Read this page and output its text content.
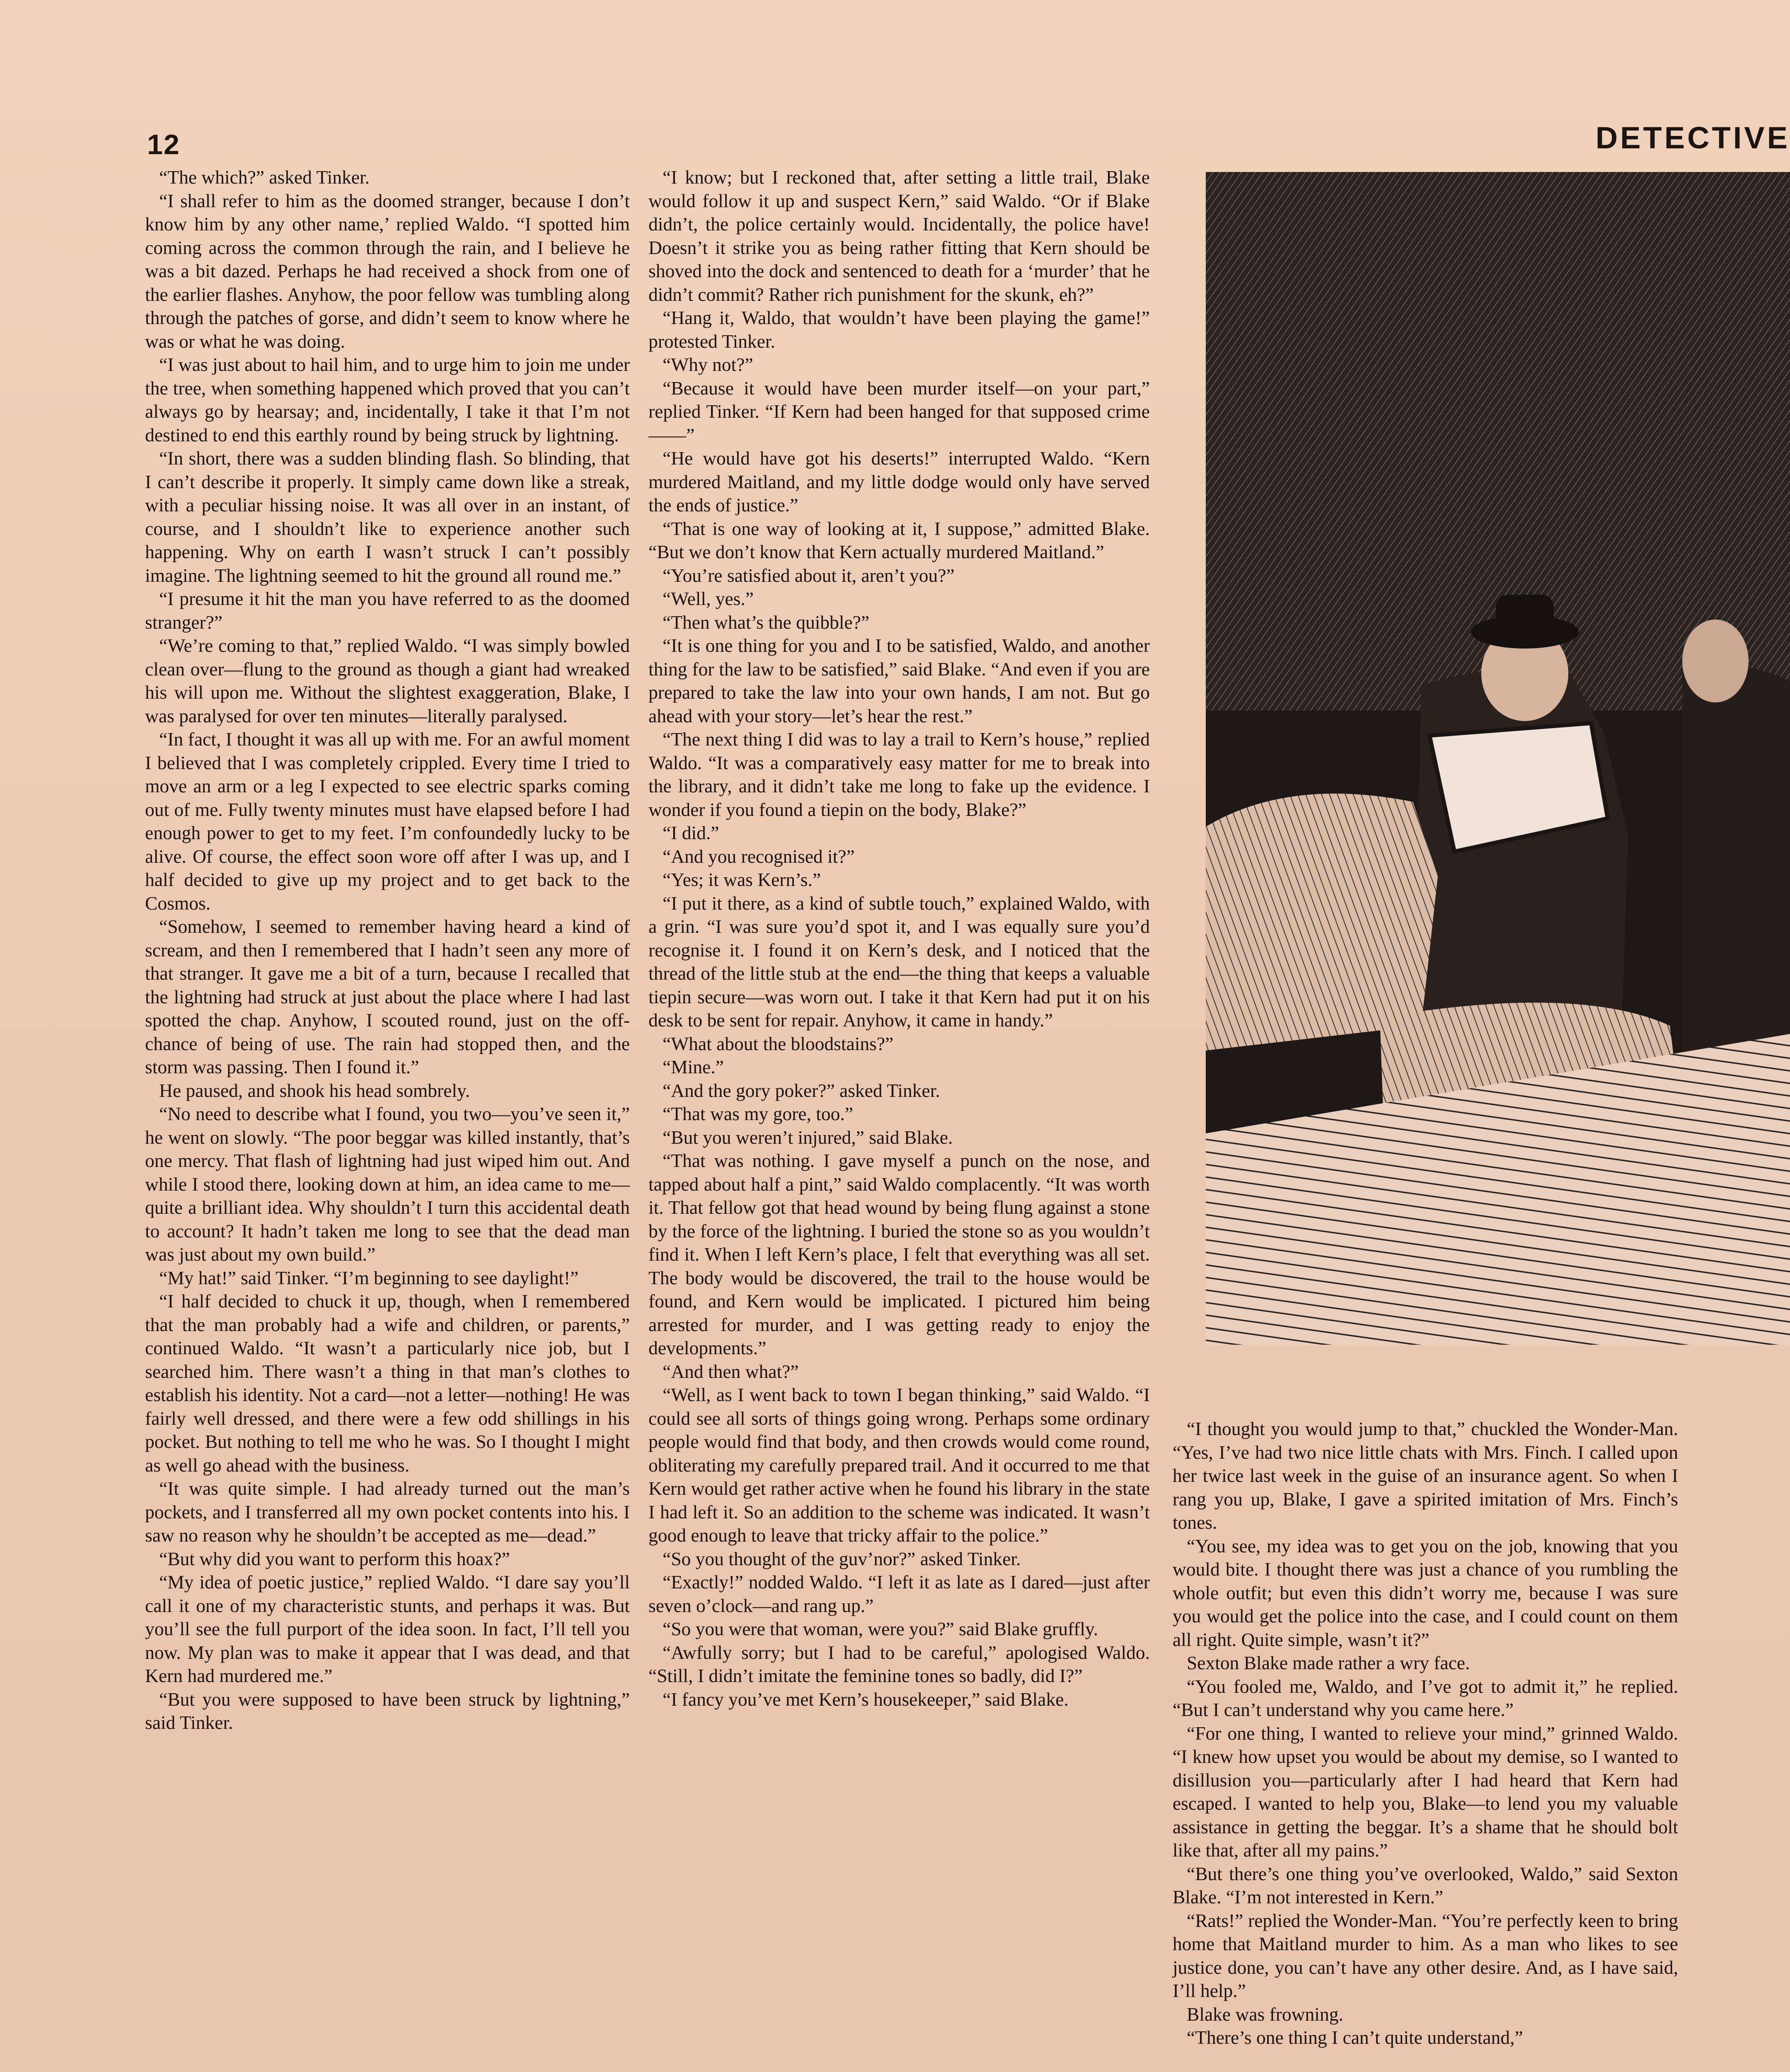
12	DETECTIVE

“The which?” asked Tinker.

“I shall refer to him as the doomed stranger, because I don’t know him by any other name,’ replied Waldo. “I spotted him coming across the common through the rain, and I believe he was a bit dazed. Perhaps he had received a shock from one of the earlier flashes. Anyhow, the poor fellow was tumbling along through the patches of gorse, and didn’t seem to know where he was or what he was doing.

“I was just about to hail him, and to urge him to join me under the tree, when something happened which proved that you can’t always go by hearsay; and, incidentally, I take it that I’m not destined to end this earthly round by being struck by lightning.

“In short, there was a sudden blinding flash. So blinding, that I can’t describe it properly. It simply came down like a streak, with a peculiar hissing noise. It was all over in an instant, of course, and I shouldn’t like to experience another such happening. Why on earth I wasn’t struck I can’t possibly imagine. The lightning seemed to hit the ground all round me.”

“I presume it hit the man you have referred to as the doomed stranger?”

“We’re coming to that,” replied Waldo. “I was simply bowled clean over—flung to the ground as though a giant had wreaked his will upon me. Without the slightest exaggeration, Blake, I was paralysed for over ten minutes—literally paralysed.

“In fact, I thought it was all up with me. For an awful moment I believed that I was completely crippled. Every time I tried to move an arm or a leg I expected to see electric sparks coming out of me. Fully twenty minutes must have elapsed before I had enough power to get to my feet. I’m confoundedly lucky to be alive. Of course, the effect soon wore off after I was up, and I half decided to give up my project and to get back to the Cosmos.

“Somehow, I seemed to remember having heard a kind of scream, and then I remembered that I hadn’t seen any more of that stranger. It gave me a bit of a turn, because I recalled that the lightning had struck at just about the place where I had last spotted the chap. Anyhow, I scouted round, just on the off-chance of being of use. The rain had stopped then, and the storm was passing. Then I found it.”

He paused, and shook his head sombrely.

“No need to describe what I found, you two—you’ve seen it,” he went on slowly. “The poor beggar was killed instantly, that’s one mercy. That flash of lightning had just wiped him out. And while I stood there, looking down at him, an idea came to me—quite a brilliant idea. Why shouldn’t I turn this accidental death to account? It hadn’t taken me long to see that the dead man was just about my own build.”

“My hat!” said Tinker. “I’m beginning to see daylight!”

“I half decided to chuck it up, though, when I remembered that the man probably had a wife and children, or parents,” continued Waldo. “It wasn’t a particularly nice job, but I searched him. There wasn’t a thing in that man’s clothes to establish his identity. Not a card—not a letter—nothing! He was fairly well dressed, and there were a few odd shillings in his pocket. But nothing to tell me who he was. So I thought I might as well go ahead with the business.

“It was quite simple. I had already turned out the man’s pockets, and I transferred all my own pocket contents into his. I saw no reason why he shouldn’t be accepted as me—dead.”

“But why did you want to perform this hoax?”

“My idea of poetic justice,” replied Waldo. “I dare say you’ll call it one of my characteristic stunts, and perhaps it was. But you’ll see the full purport of the idea soon. In fact, I’ll tell you now. My plan was to make it appear that I was dead, and that Kern had murdered me.”

“But you were supposed to have been struck by lightning,” said Tinker.

“I know; but I reckoned that, after setting a little trail, Blake would follow it up and suspect Kern,” said Waldo. “Or if Blake didn’t, the police certainly would. Incidentally, the police have! Doesn’t it strike you as being rather fitting that Kern should be shoved into the dock and sentenced to death for a ‘murder’ that he didn’t commit? Rather rich punishment for the skunk, eh?”

“Hang it, Waldo, that wouldn’t have been playing the game!” protested Tinker.

“Why not?”

“Because it would have been murder itself—on your part,” replied Tinker. “If Kern had been hanged for that supposed crime——”

“He would have got his deserts!” interrupted Waldo. “Kern murdered Maitland, and my little dodge would only have served the ends of justice.”

“That is one way of looking at it, I suppose,” admitted Blake. “But we don’t know that Kern actually murdered Maitland.”

“You’re satisfied about it, aren’t you?”

“Well, yes.”

“Then what’s the quibble?”

“It is one thing for you and I to be satisfied, Waldo, and another thing for the law to be satisfied,” said Blake. “And even if you are prepared to take the law into your own hands, I am not. But go ahead with your story—let’s hear the rest.”

“The next thing I did was to lay a trail to Kern’s house,” replied Waldo. “It was a comparatively easy matter for me to break into the library, and it didn’t take me long to fake up the evidence. I wonder if you found a tiepin on the body, Blake?”

“I did.”

“And you recognised it?”

“Yes; it was Kern’s.”

“I put it there, as a kind of subtle touch,” explained Waldo, with a grin. “I was sure you’d spot it, and I was equally sure you’d recognise it. I found it on Kern’s desk, and I noticed that the thread of the little stub at the end—the thing that keeps a valuable tiepin secure—was worn out. I take it that Kern had put it on his desk to be sent for repair. Anyhow, it came in handy.”

“What about the bloodstains?”

“Mine.”

“And the gory poker?” asked Tinker.

“That was my gore, too.”

“But you weren’t injured,” said Blake.

“That was nothing. I gave myself a punch on the nose, and tapped about half a pint,” said Waldo complacently. “It was worth it. That fellow got that head wound by being flung against a stone by the force of the lightning. I buried the stone so as you wouldn’t find it. When I left Kern’s place, I felt that everything was all set. The body would be discovered, the trail to the house would be found, and Kern would be implicated. I pictured him being arrested for murder, and I was getting ready to enjoy the developments.”

“And then what?”

“Well, as I went back to town I began thinking,” said Waldo. “I could see all sorts of things going wrong. Perhaps some ordinary people would find that body, and then crowds would come round, obliterating my carefully prepared trail. And it occurred to me that Kern would get rather active when he found his library in the state I had left it. So an addition to the scheme was indicated. It wasn’t good enough to leave that tricky affair to the police.”

“So you thought of the guv’nor?” asked Tinker.

“Exactly!” nodded Waldo. “I left it as late as I dared—just after seven o’clock—and rang up.”

“So you were that woman, were you?” said Blake gruffly.

“Awfully sorry; but I had to be careful,” apologised Waldo. “Still, I didn’t imitate the feminine tones so badly, did I?”

“I fancy you’ve met Kern’s housekeeper,” said Blake.

“I thought you would jump to that,” chuckled the Wonder-Man. “Yes, I’ve had two nice little chats with Mrs. Finch. I called upon her twice last week in the guise of an insurance agent. So when I rang you up, Blake, I gave a spirited imitation of Mrs. Finch’s tones.

“You see, my idea was to get you on the job, knowing that you would bite. I thought there was just a chance of you rumbling the whole outfit; but even this didn’t worry me, because I was sure you would get the police into the case, and I could count on them all right. Quite simple, wasn’t it?”

Sexton Blake made rather a wry face.

“You fooled me, Waldo, and I’ve got to admit it,” he replied. “But I can’t understand why you came here.”

“For one thing, I wanted to relieve your mind,” grinned Waldo. “I knew how upset you would be about my demise, so I wanted to disillusion you—particularly after I had heard that Kern had escaped. I wanted to help you, Blake—to lend you my valuable assistance in getting the beggar. It’s a shame that he should bolt like that, after all my pains.”

“But there’s one thing you’ve overlooked, Waldo,” said Sexton Blake. “I’m not interested in Kern.”

“Rats!” replied the Wonder-Man. “You’re perfectly keen to bring home that Maitland murder to him. As a man who likes to see justice done, you can’t have any other desire. And, as I have said, I’ll help.”

Blake was frowning.

“There’s one thing I can’t quite understand,”
